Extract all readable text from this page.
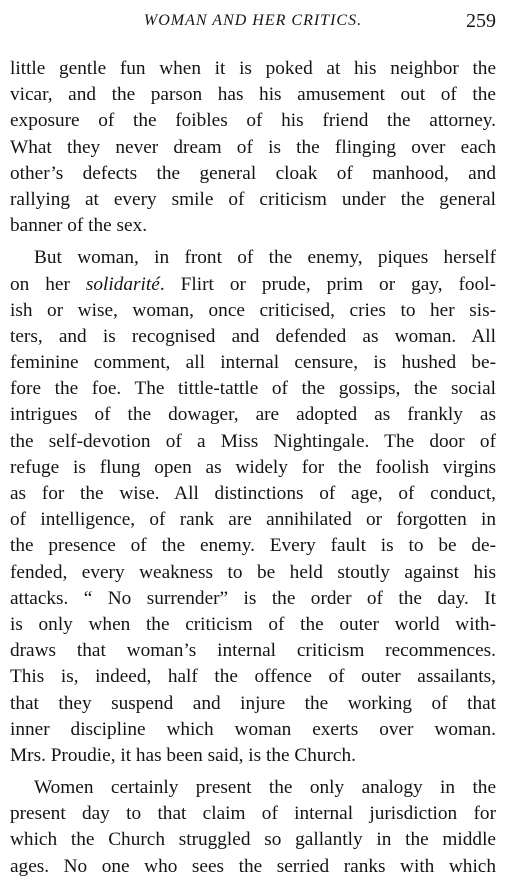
WOMAN AND HER CRITICS.	259
little gentle fun when it is poked at his neighbor the
vicar, and the parson has his amusement out of the
exposure of the foibles of his friend the attorney.
What they never dream of is the flinging over each
other’s defects the general cloak of manhood, and
rallying at every smile of criticism under the general
banner of the sex.
But woman, in front of the enemy, piques herself
on her solidarité. Flirt or prude, prim or gay, fool-
ish or wise, woman, once criticised, cries to her sis-
ters, and is recognised and defended as woman. All
feminine comment, all internal censure, is hushed be-
fore the foe. The tittle-tattle of the gossips, the social
intrigues of the dowager, are adopted as frankly as
the self-devotion of a Miss Nightingale. The door of
refuge is flung open as widely for the foolish virgins
as for the wise. All distinctions of age, of conduct,
of intelligence, of rank are annihilated or forgotten in
the presence of the enemy. Every fault is to be de-
fended, every weakness to be held stoutly against his
attacks. “ No surrender” is the order of the day. It
is only when the criticism of the outer world with-
draws that woman’s internal criticism recommences.
This is, indeed, half the offence of outer assailants,
that they suspend and injure the working of that
inner discipline which woman exerts over woman.
Mrs. Proudie, it has been said, is the Church.
Women certainly present the only analogy in the
present day to that claim of internal jurisdiction for
which the Church struggled so gallantly in the middle
ages. No one who sees the serried ranks with which
